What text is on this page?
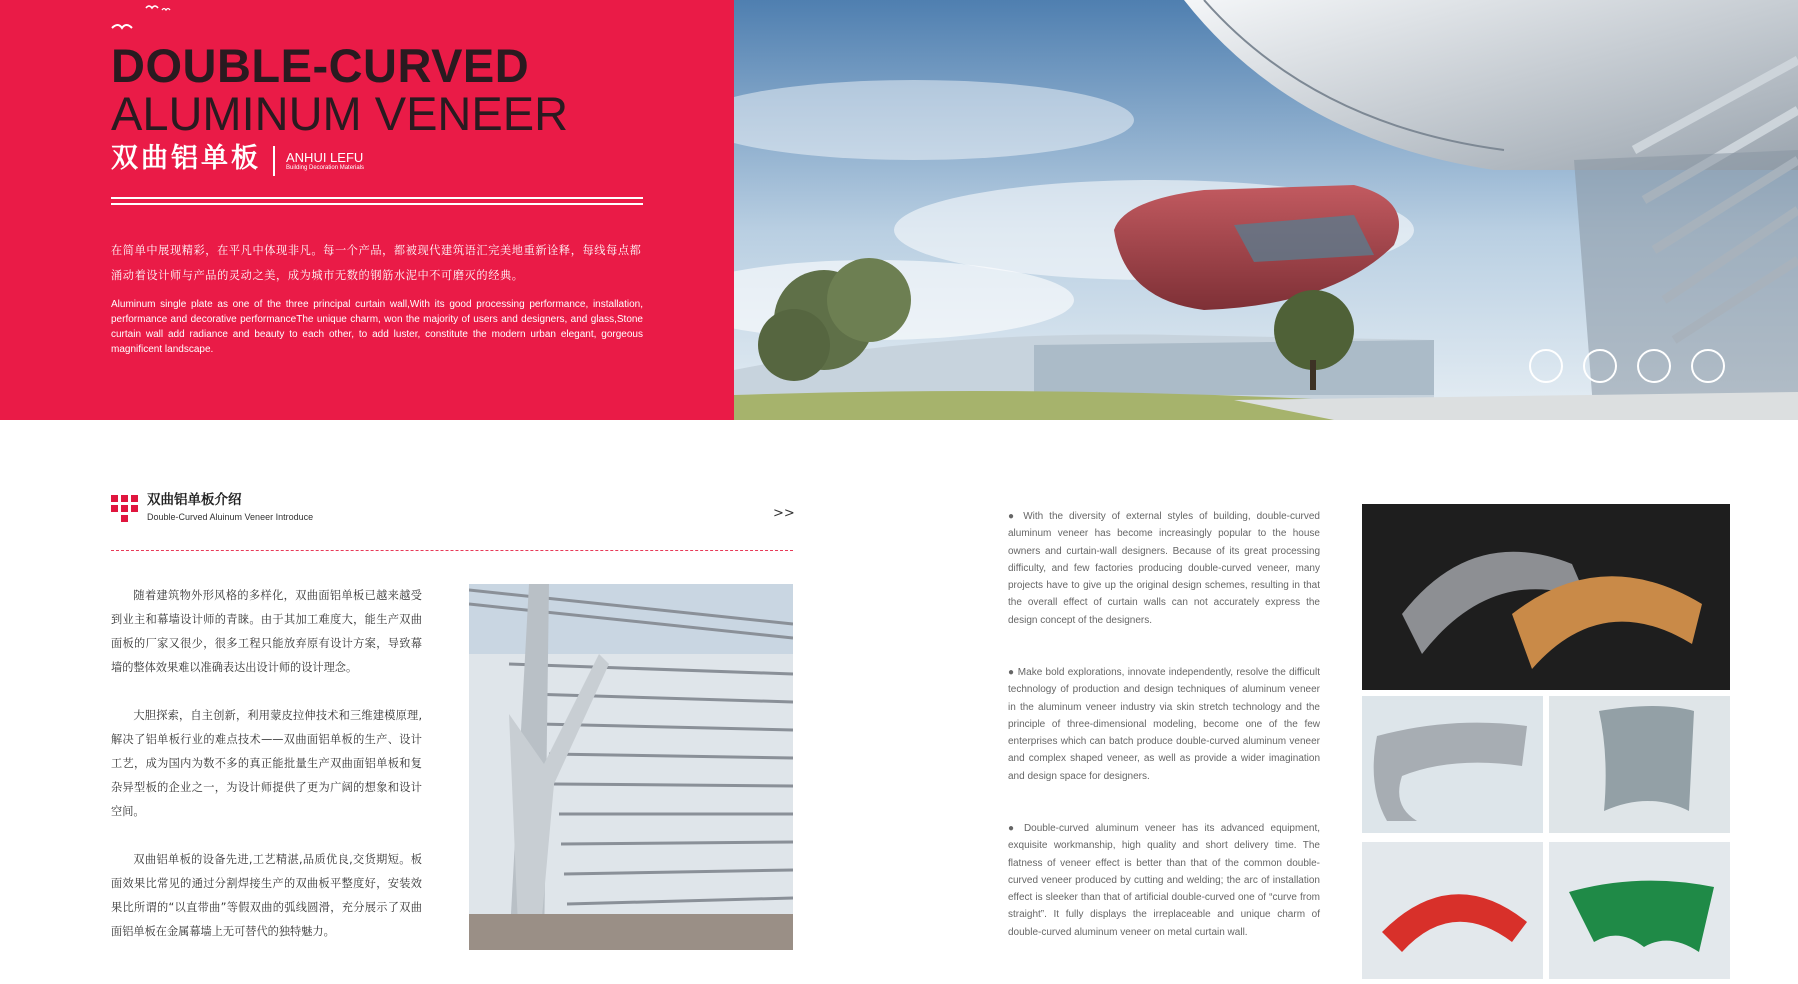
DOUBLE-CURVED
ALUMINUM VENEER
双曲铝单板 ANHUI LEFU
Building Decoration Materials
在简单中展现精彩，在平凡中体现非凡。每一个产品，都被现代建筑语汇完美地重新诠释，每线每点都涌动着设计师与产品的灵动之美，成为城市无数的钢筋水泥中不可磨灭的经典。
Aluminum single plate as one of the three principal curtain wall,With its good processing performance, installation, performance and decorative performanceThe unique charm, won the majority of users and designers, and glass,Stone curtain wall add radiance and beauty to each other, to add luster, constitute the modern urban elegant, gorgeous magnificent landscape.
双曲铝单板介绍
Double-Curved Aluinum Veneer Introduce	>>

随着建筑物外形风格的多样化，双曲面铝单板已越来越受到业主和幕墙设计师的青睐。由于其加工难度大，能生产双曲面板的厂家又很少，很多工程只能放弃原有设计方案，导致幕墙的整体效果难以准确表达出设计师的设计理念。

大胆探索，自主创新，利用蒙皮拉伸技术和三维建模原理,解决了铝单板行业的难点技术——双曲面铝单板的生产、设计工艺，成为国内为数不多的真正能批量生产双曲面铝单板和复杂异型板的企业之一，为设计师提供了更为广阔的想象和设计空间。

双曲铝单板的设备先进,工艺精湛,品质优良,交货期短。板面效果比常见的通过分割焊接生产的双曲板平整度好，安装效果比所谓的“以直带曲”等假双曲的弧线圆滑，充分展示了双曲面铝单板在金属幕墙上无可替代的独特魅力。

● With the diversity of external styles of building, double-curved aluminum veneer has become increasingly popular to the house owners and curtain-wall designers. Because of its great processing difficulty, and few factories producing double-curved veneer, many projects have to give up the original design schemes, resulting in that the overall effect of curtain walls can not accurately express the design concept of the designers.

● Make bold explorations, innovate independently, resolve the difficult technology of production and design techniques of aluminum veneer in the aluminum veneer industry via skin stretch technology and the principle of three-dimensional modeling, become one of the few enterprises which can batch produce double-curved aluminum veneer and complex shaped veneer, as well as provide a wider imagination and design space for designers.

● Double-curved aluminum veneer has its advanced equipment, exquisite workmanship, high quality and short delivery time. The flatness of veneer effect is better than that of the common double-curved veneer produced by cutting and welding; the arc of installation effect is sleeker than that of artificial double-curved one of “curve from straight”. It fully displays the irreplaceable and unique charm of double-curved aluminum veneer on metal curtain wall.
